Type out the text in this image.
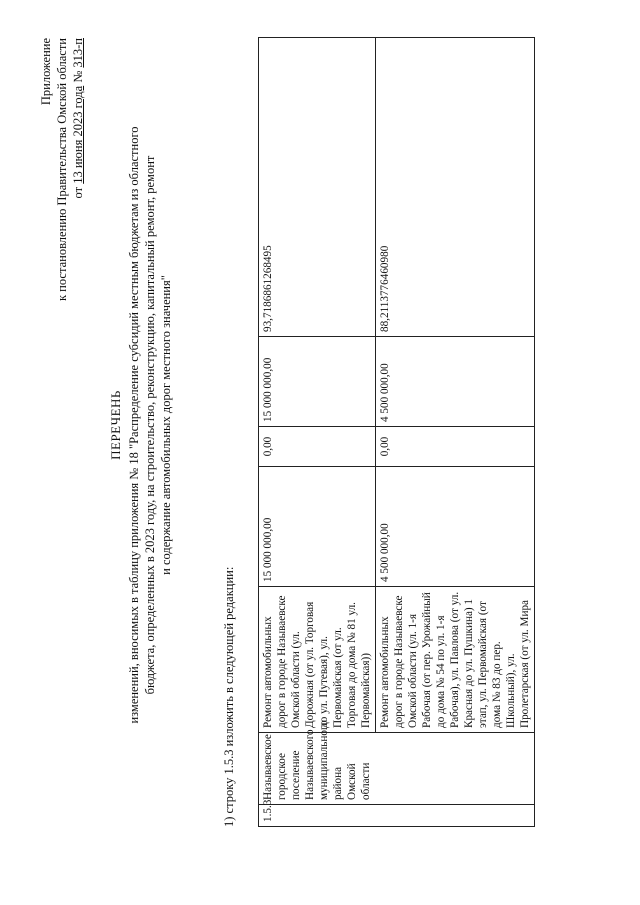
Приложение к постановлению Правительства Омской области от 13 июня 2023 года № 313-п
ПЕРЕЧЕНЬ изменений, вносимых в таблицу приложения № 18 "Распределение субсидий местным бюджетам из областного бюджета, определенных в 2023 году, на строительство, реконструкцию, капитальный ремонт, ремонт и содержание автомобильных дорог местного значения"
1) строку 1.5.3 изложить в следующей редакции: 1.5.3	Называевское городское поселение Называевского муниципального района Омской области	Ремонт автомобильных дорог в городе Называевске Омской области (ул. Дорожная (от ул. Торговая до ул. Путевая), ул. Первомайская (от ул. Торговая до дома № 81 ул. Первомайская))	15 000 000,00	0,00	15 000 000,00	93,7186861268495
		Ремонт автомобильных дорог в городе Называевске Омской области (ул. 1-я Рабочая (от пер. Урожайный до дома № 54 по ул. 1-я Рабочая), ул. Павлова (от ул. Красная до ул. Пушкина) 1 этап, ул. Первомайская (от дома № 83 до пер. Школьный), ул. Пролетарская (от ул. Мира	4 500 000,00	0,00	4 500 000,00	88,2113776460980
